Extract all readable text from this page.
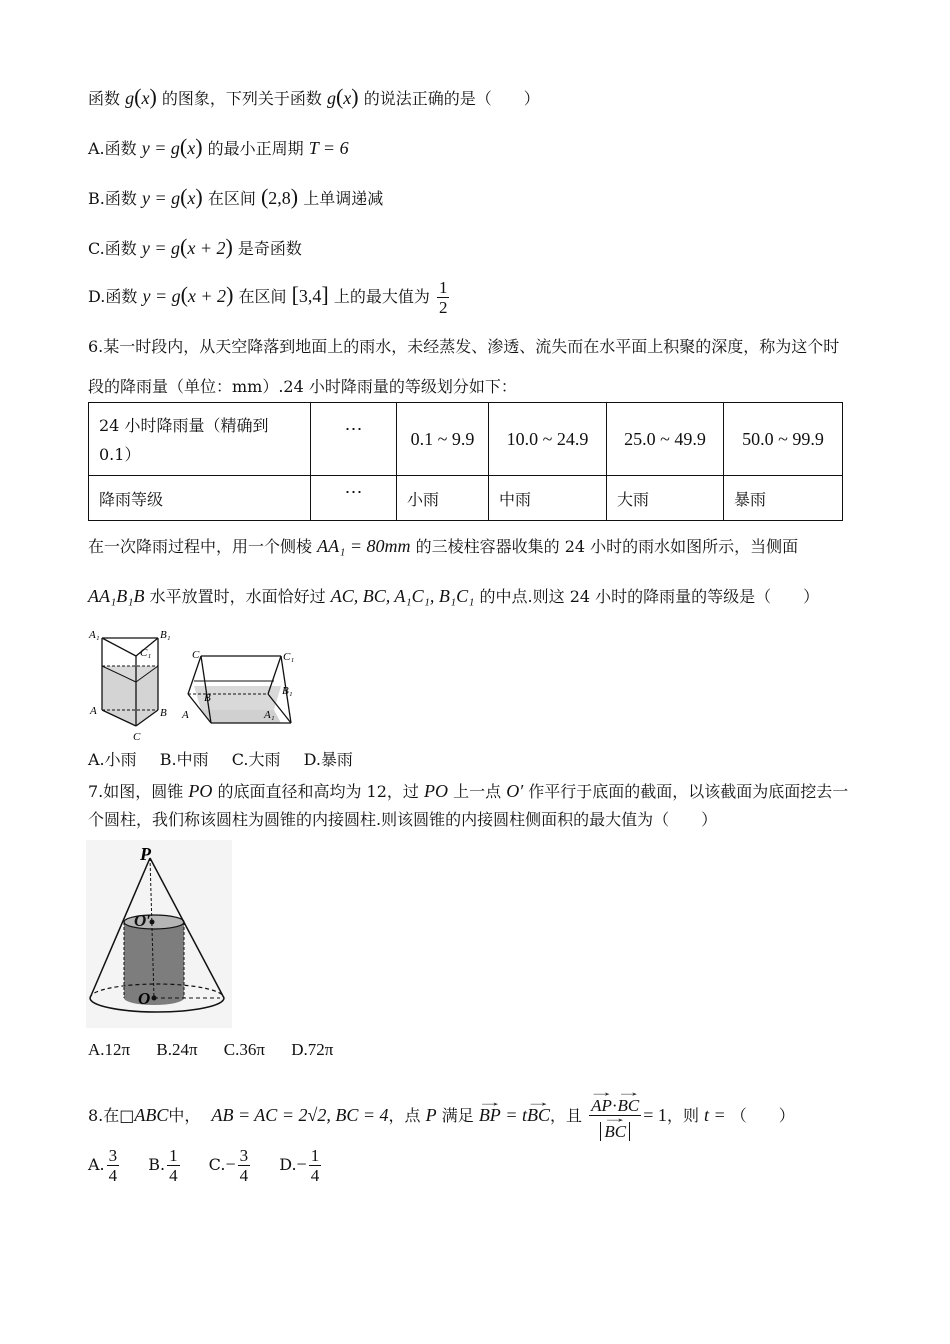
函数 g(x) 的图象，下列关于函数 g(x) 的说法正确的是（　　）
A.函数 y = g(x) 的最小正周期 T = 6
B.函数 y = g(x) 在区间 (2,8) 上单调递减
C.函数 y = g(x + 2) 是奇函数
D.函数 y = g(x + 2) 在区间 [3,4] 上的最大值为 $\frac{1}{2}$
6.某一时段内，从天空降落到地面上的雨水，未经蒸发、渗透、流失而在水平面上积聚的深度，称为这个时
段的降雨量（单位：mm）.24 小时降雨量的等级划分如下：
24 小时降雨量（精确到
0.1）	⋯	0.1 ~ 9.9	10.0 ~ 24.9	25.0 ~ 49.9	50.0 ~ 99.9
降雨等级	⋯	小雨	中雨	大雨	暴雨
在一次降雨过程中，用一个侧棱 AA₁ = 80mm 的三棱柱容器收集的 24 小时的雨水如图所示，当侧面
AA₁B₁B 水平放置时，水面恰好过 AC, BC, A₁C₁, B₁C₁ 的中点.则这 24 小时的降雨量的等级是（　　）
A₁	B₁
C₁
A	B
C
C	C₁
B
B₁
A	A₁
A.小雨 B.中雨 C.大雨 D.暴雨
7.如图，圆锥 PO 的底面直径和高均为 12，过 PO 上一点 O′ 作平行于底面的截面，以该截面为底面挖去一
个圆柱，我们称该圆柱为圆锥的内接圆柱.则该圆锥的内接圆柱侧面积的最大值为（　　）
P
O′
O
A.12π B.24π C.36π D.72π
8.在□ABC中， AB = AC = 2√2, BC = 4，点 P 满足 → BP = t→ BC，且 → AP·→ BC
→ BC = 1，则 t = （　　）
A. $\frac{3}{4} B$. $\frac{1}{4} C.- \frac{3}{4} D.- \frac{1}{4}$
